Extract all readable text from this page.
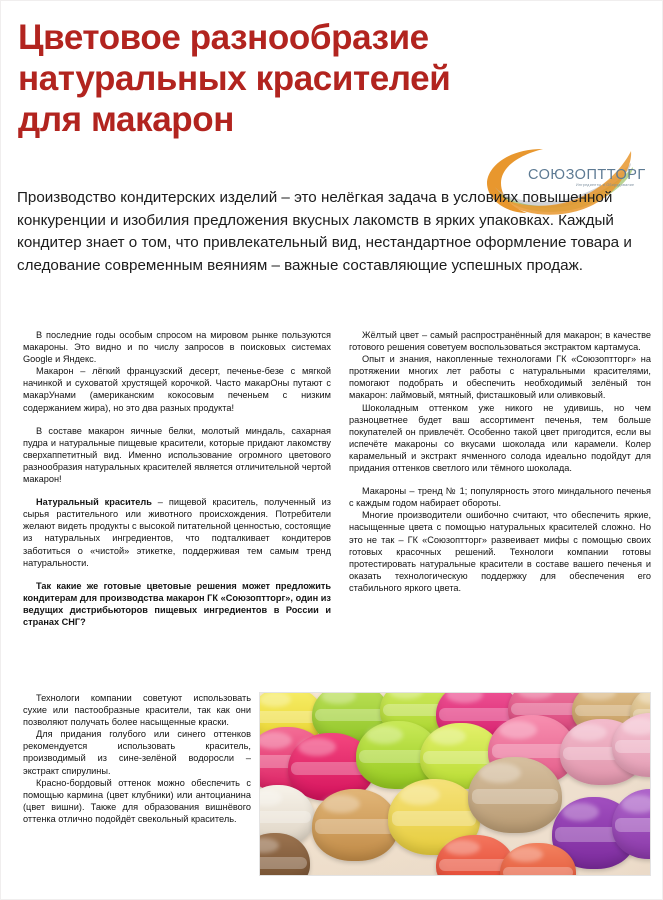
Цветовое разнообразие натуральных красителей для макарон
СОЮЗОПТТОРГ
Ингредиенты и Оборудование
Производство кондитерских изделий – это нелёгкая задача в условиях повышенной конкуренции и изобилия предложения вкусных лакомств в ярких упаковках. Каждый кондитер знает о том, что привлекательный вид, нестандартное оформление товара и следование современным веяниям – важные составляющие успешных продаж.

В последние годы особым спросом на мировом рынке пользуются макароны. Это видно и по числу запросов в поисковых системах Google и Яндекс.

Макарон – лёгкий французский десерт, печенье-безе с мягкой начинкой и суховатой хрустящей корочкой. Часто макарОны путают с макарУнами (американским кокосовым печеньем с низким содержанием жира), но это два разных продукта!

В составе макарон яичные белки, молотый миндаль, сахарная пудра и натуральные пищевые красители, которые придают лакомству сверхаппетитный вид. Именно использование огромного цветового разнообразия натуральных красителей является отличительной чертой макарон!

Натуральный краситель – пищевой краситель, полученный из сырья растительного или животного происхождения. Потребители желают видеть продукты с высокой питательной ценностью, состоящие из натуральных ингредиентов, что подталкивает кондитеров заботиться о «чистой» этикетке, поддерживая тем самым тренд натуральности.

Так какие же готовые цветовые решения может предложить кондитерам для производства макарон ГК «Союзоптторг», один из ведущих дистрибьюторов пищевых ингредиентов в России и странах СНГ?

Технологи компании советуют использовать сухие или пастообразные красители, так как они позволяют получать более насыщенные краски.

Для придания голубого или синего оттенков рекомендуется использовать краситель, производимый из сине-зелёной водоросли – экстракт спирулины.

Красно-бордовый оттенок можно обеспечить с помощью кармина (цвет клубники) или антоцианина (цвет вишни). Также для образования вишнёвого оттенка отлично подойдёт свекольный краситель.

Жёлтый цвет – самый распространённый для макарон; в качестве готового решения советуем воспользоваться экстрактом картамуса.

Опыт и знания, накопленные технологами ГК «Союзоптторг» на протяжении многих лет работы с натуральными красителями, помогают подобрать и обеспечить необходимый зелёный тон макарон: лаймовый, мятный, фисташковый или оливковый.

Шоколадным оттенком уже никого не удивишь, но чем разноцветнее будет ваш ассортимент печенья, тем больше покупателей он привлечёт. Особенно такой цвет пригодится, если вы испечёте макароны со вкусами шоколада или карамели. Колер карамельный и экстракт ячменного солода идеально подойдут для придания оттенков светлого или тёмного шоколада.

Макароны – тренд № 1; популярность этого миндального печенья с каждым годом набирает обороты.

Многие производители ошибочно считают, что обеспечить яркие, насыщенные цвета с помощью натуральных красителей сложно. Но это не так – ГК «Союзоптторг» развеивает мифы с помощью своих готовых красочных решений. Технологи компании готовы протестировать натуральные красители в составе вашего печенья и оказать технологическую поддержку для обеспечения его стабильного яркого цвета.
